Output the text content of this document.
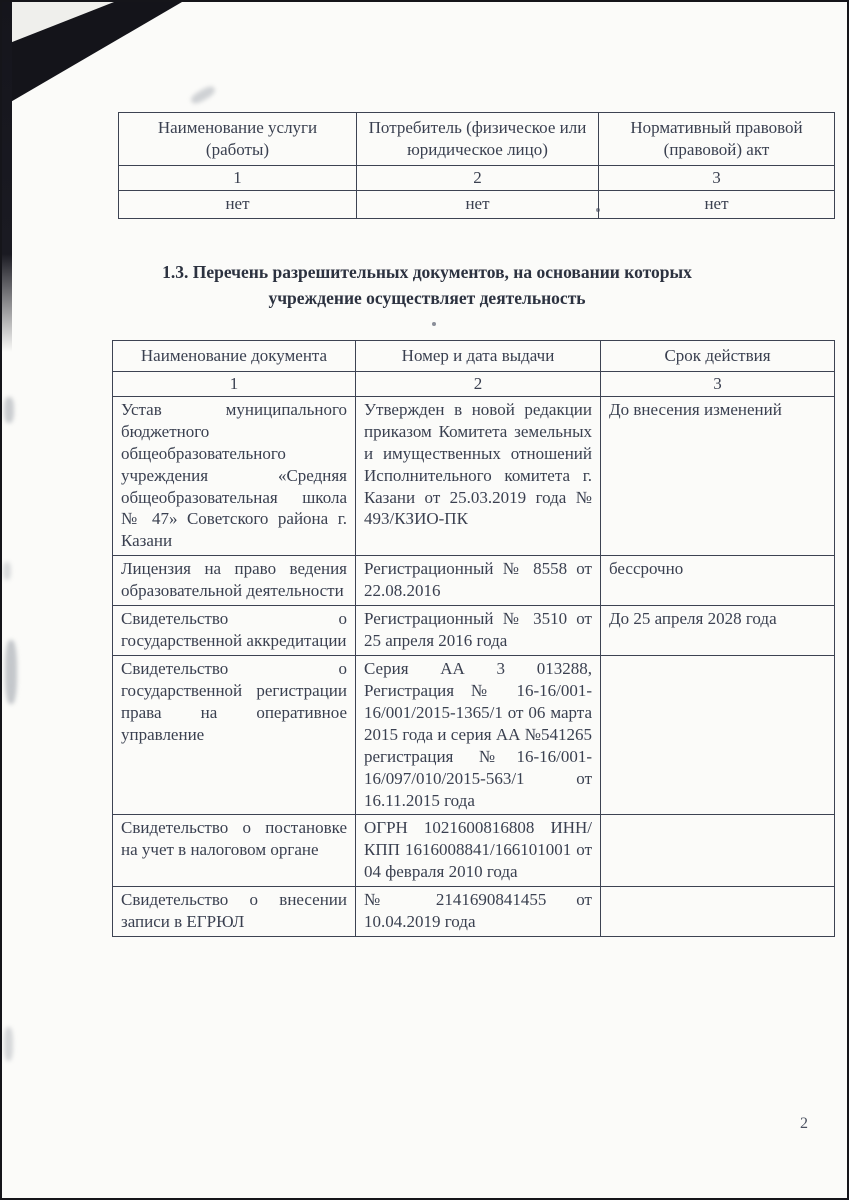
Наименование услуги (работы)	Потребитель (физическое или юридическое лицо)	Нормативный правовой (правовой) акт
1	2	3
нет	нет	нет
1.3. Перечень разрешительных документов, на основании которых
учреждение осуществляет деятельность
Наименование документа	Номер и дата выдачи	Срок действия
1	2	3
Устав муниципального бюджетного общеобразовательного учреждения «Средняя общеобразовательная школа № 47» Советского района г. Казани	Утвержден в новой редакции приказом Комитета земельных и имущественных отношений Исполнительного комитета г. Казани от 25.03.2019 года № 493/КЗИО-ПК	До внесения изменений
Лицензия на право ведения образовательной деятельности	Регистрационный № 8558 от 22.08.2016	бессрочно
Свидетельство о государственной аккредитации	Регистрационный № 3510 от 25 апреля 2016 года	До 25 апреля 2028 года
Свидетельство о государственной регистрации права на оперативное управление	Серия АА 3 013288, Регистрация № 16-16/001-16/001/2015-1365/1 от 06 марта 2015 года и серия АА №541265 регистрация №16-16/001-16/097/010/2015-563/1 от 16.11.2015 года	
Свидетельство о постановке на учет в налоговом органе	ОГРН 1021600816808 ИНН/КПП 1616008841/166101001 от 04 февраля 2010 года	
Свидетельство о внесении записи в ЕГРЮЛ	№ 2141690841455 от 10.04.2019 года	
2
